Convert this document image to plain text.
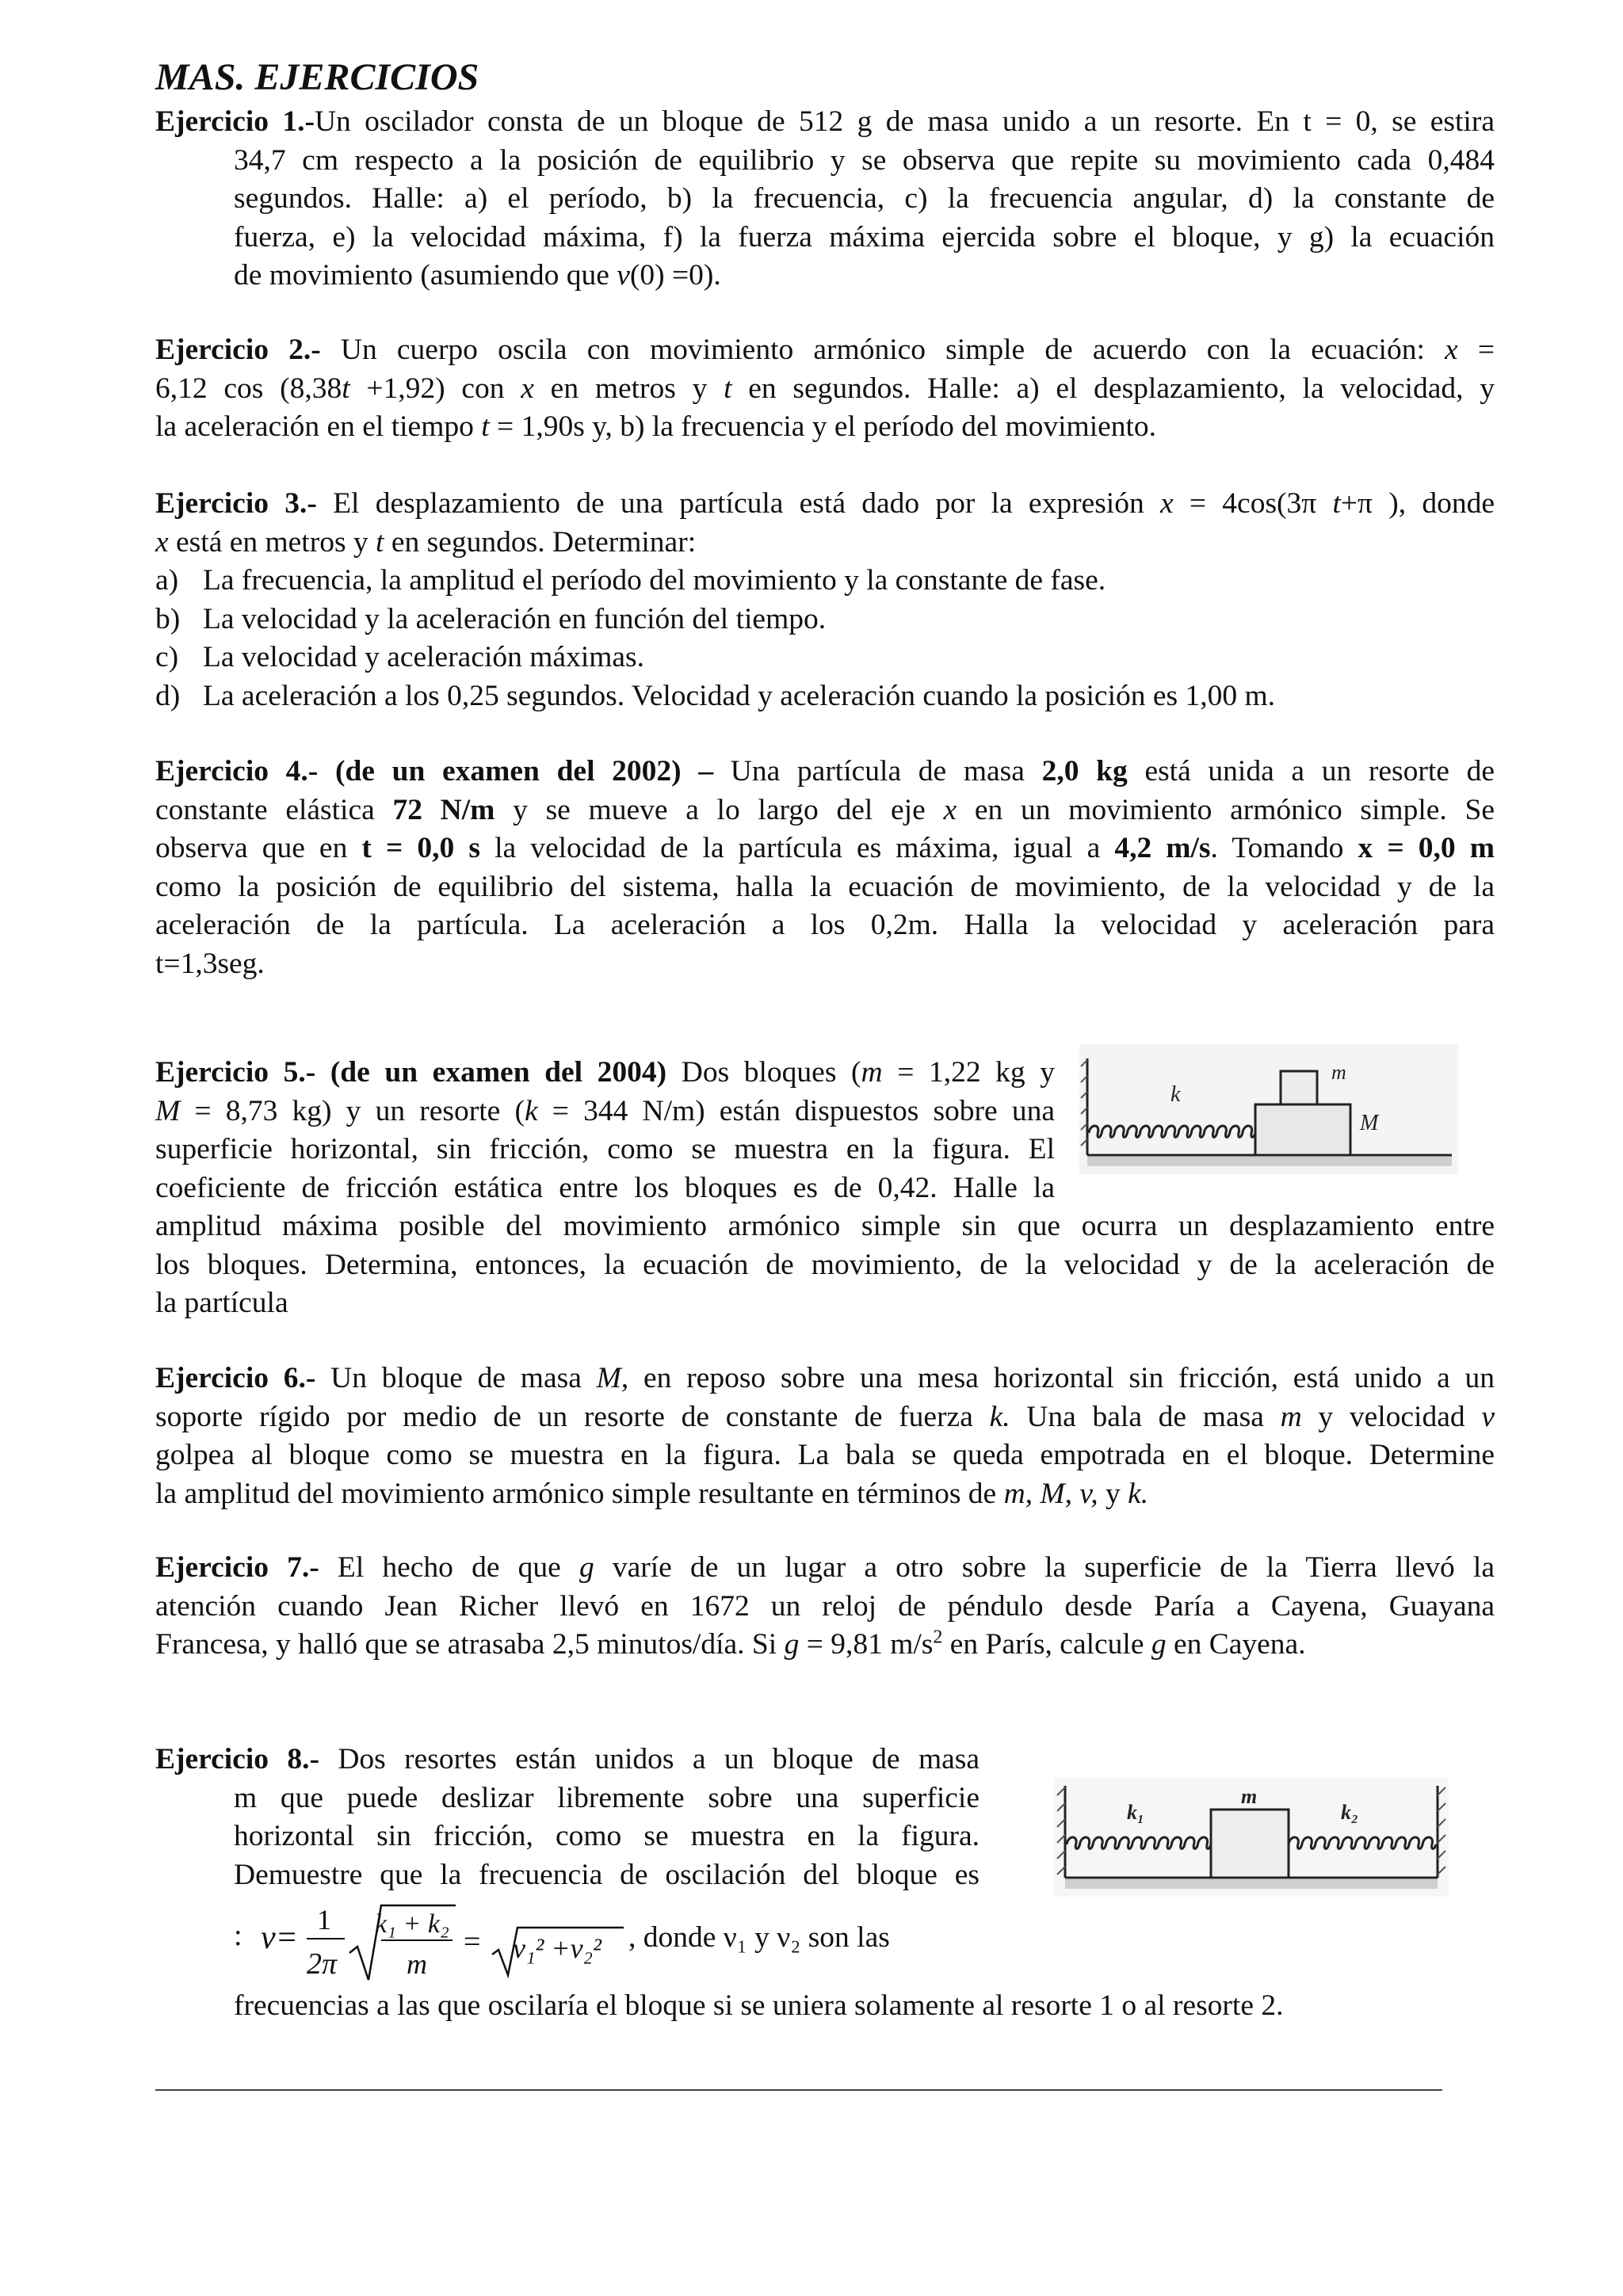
MAS. EJERCICIOS

Ejercicio 1.-Un oscilador consta de un bloque de 512 g de masa unido a un resorte. En t = 0, se estira

34,7 cm respecto a la posición de equilibrio y se observa que repite su movimiento cada 0,484

segundos. Halle: a) el período, b) la frecuencia, c) la frecuencia angular, d) la constante de

fuerza, e) la velocidad máxima, f) la fuerza máxima ejercida sobre el bloque, y g) la ecuación

de movimiento (asumiendo que v(0) =0).

Ejercicio 2.- Un cuerpo oscila con movimiento armónico simple de acuerdo con la ecuación: x =

6,12 cos (8,38t +1,92) con x en metros y t en segundos. Halle: a) el desplazamiento, la velocidad, y

la aceleración en el tiempo t = 1,90s y, b) la frecuencia y el período del movimiento.

Ejercicio 3.- El desplazamiento de una partícula está dado por la expresión x = 4cos(3π t+π ), donde

x está en metros y t en segundos. Determinar:

a) La frecuencia, la amplitud el período del movimiento y la constante de fase.
b) La velocidad y la aceleración en función del tiempo.
c) La velocidad y aceleración máximas.
d) La aceleración a los 0,25 segundos. Velocidad y aceleración cuando la posición es 1,00 m.

Ejercicio 4.- (de un examen del 2002) – Una partícula de masa 2,0 kg está unida a un resorte de

constante elástica 72 N/m y se mueve a lo largo del eje x en un movimiento armónico simple. Se

observa que en t = 0,0 s la velocidad de la partícula es máxima, igual a 4,2 m/s. Tomando x = 0,0 m

como la posición de equilibrio del sistema, halla la ecuación de movimiento, de la velocidad y de la

aceleración de la partícula. La aceleración a los 0,2m. Halla la velocidad y aceleración para

t=1,3seg.

Ejercicio 5.- (de un examen del 2004) Dos bloques (m = 1,22 kg y

M = 8,73 kg) y un resorte (k = 344 N/m) están dispuestos sobre una

superficie horizontal, sin fricción, como se muestra en la figura. El

coeficiente de fricción estática entre los bloques es de 0,42. Halle la

amplitud máxima posible del movimiento armónico simple sin que ocurra un desplazamiento entre

los bloques. Determina, entonces, la ecuación de movimiento, de la velocidad y de la aceleración de

la partícula

k
m
M

Ejercicio 6.- Un bloque de masa M, en reposo sobre una mesa horizontal sin fricción, está unido a un

soporte rígido por medio de un resorte de constante de fuerza k. Una bala de masa m y velocidad v

golpea al bloque como se muestra en la figura. La bala se queda empotrada en el bloque. Determine

la amplitud del movimiento armónico simple resultante en términos de m, M, v, y k.

Ejercicio 7.- El hecho de que g varíe de un lugar a otro sobre la superficie de la Tierra llevó la

atención cuando Jean Richer llevó en 1672 un reloj de péndulo desde Paría a Cayena, Guayana

Francesa, y halló que se atrasaba 2,5 minutos/día. Si g = 9,81 $m/s^2$ en París, calcule g en Cayena.

Ejercicio 8.- Dos resortes están unidos a un bloque de masa

m que puede deslizar libremente sobre una superficie

horizontal sin fricción, como se muestra en la figura.

Demuestre que la frecuencia de oscilación del bloque es

: ν= 1
2π
k₁ + k₂
m
= ν₁² +ν₂² , donde ν₁ y ν₂ son las

frecuencias a las que oscilaría el bloque si se uniera solamente al resorte 1 o al resorte 2.

k₁
m
k₂
